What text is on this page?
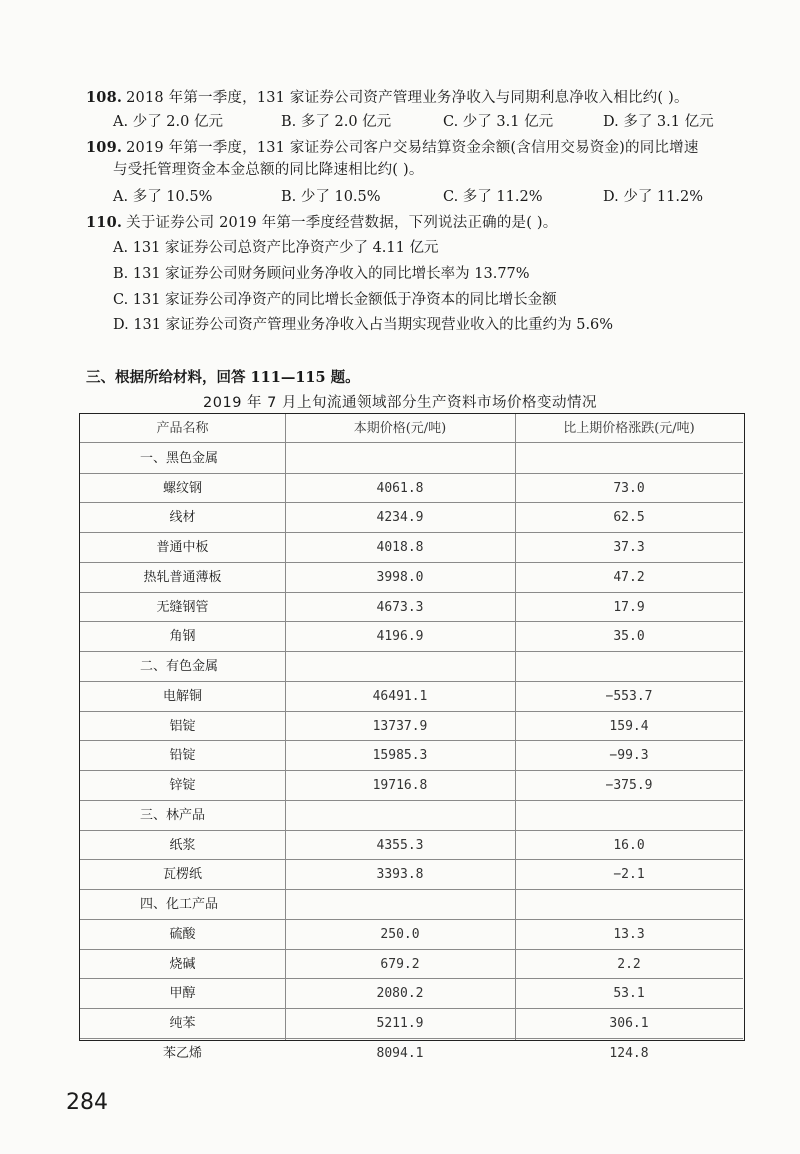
108. 2018 年第一季度，131 家证券公司资产管理业务净收入与同期利息净收入相比约( )。
A. 少了 2.0 亿元	B. 多了 2.0 亿元	C. 少了 3.1 亿元	D. 多了 3.1 亿元
109. 2019 年第一季度，131 家证券公司客户交易结算资金余额(含信用交易资金)的同比增速
与受托管理资金本金总额的同比降速相比约( )。
A. 多了 10.5%	B. 少了 10.5%	C. 多了 11.2%	D. 少了 11.2%
110. 关于证券公司 2019 年第一季度经营数据，下列说法正确的是( )。
A. 131 家证券公司总资产比净资产少了 4.11 亿元
B. 131 家证券公司财务顾问业务净收入的同比增长率为 13.77%
C. 131 家证券公司净资产的同比增长金额低于净资本的同比增长金额
D. 131 家证券公司资产管理业务净收入占当期实现营业收入的比重约为 5.6%
三、根据所给材料，回答 111—115 题。
2019 年 7 月上旬流通领域部分生产资料市场价格变动情况
产品名称	本期价格(元/吨)	比上期价格涨跌(元/吨)
一、黑色金属
螺纹钢	4061.8	73.0
线材	4234.9	62.5
普通中板	4018.8	37.3
热轧普通薄板	3998.0	47.2
无缝钢管	4673.3	17.9
角钢	4196.9	35.0
二、有色金属
电解铜	46491.1	−553.7
铝锭	13737.9	159.4
铅锭	15985.3	−99.3
锌锭	19716.8	−375.9
三、林产品
纸浆	4355.3	16.0
瓦楞纸	3393.8	−2.1
四、化工产品
硫酸	250.0	13.3
烧碱	679.2	2.2
甲醇	2080.2	53.1
纯苯	5211.9	306.1
苯乙烯	8094.1	124.8
284
